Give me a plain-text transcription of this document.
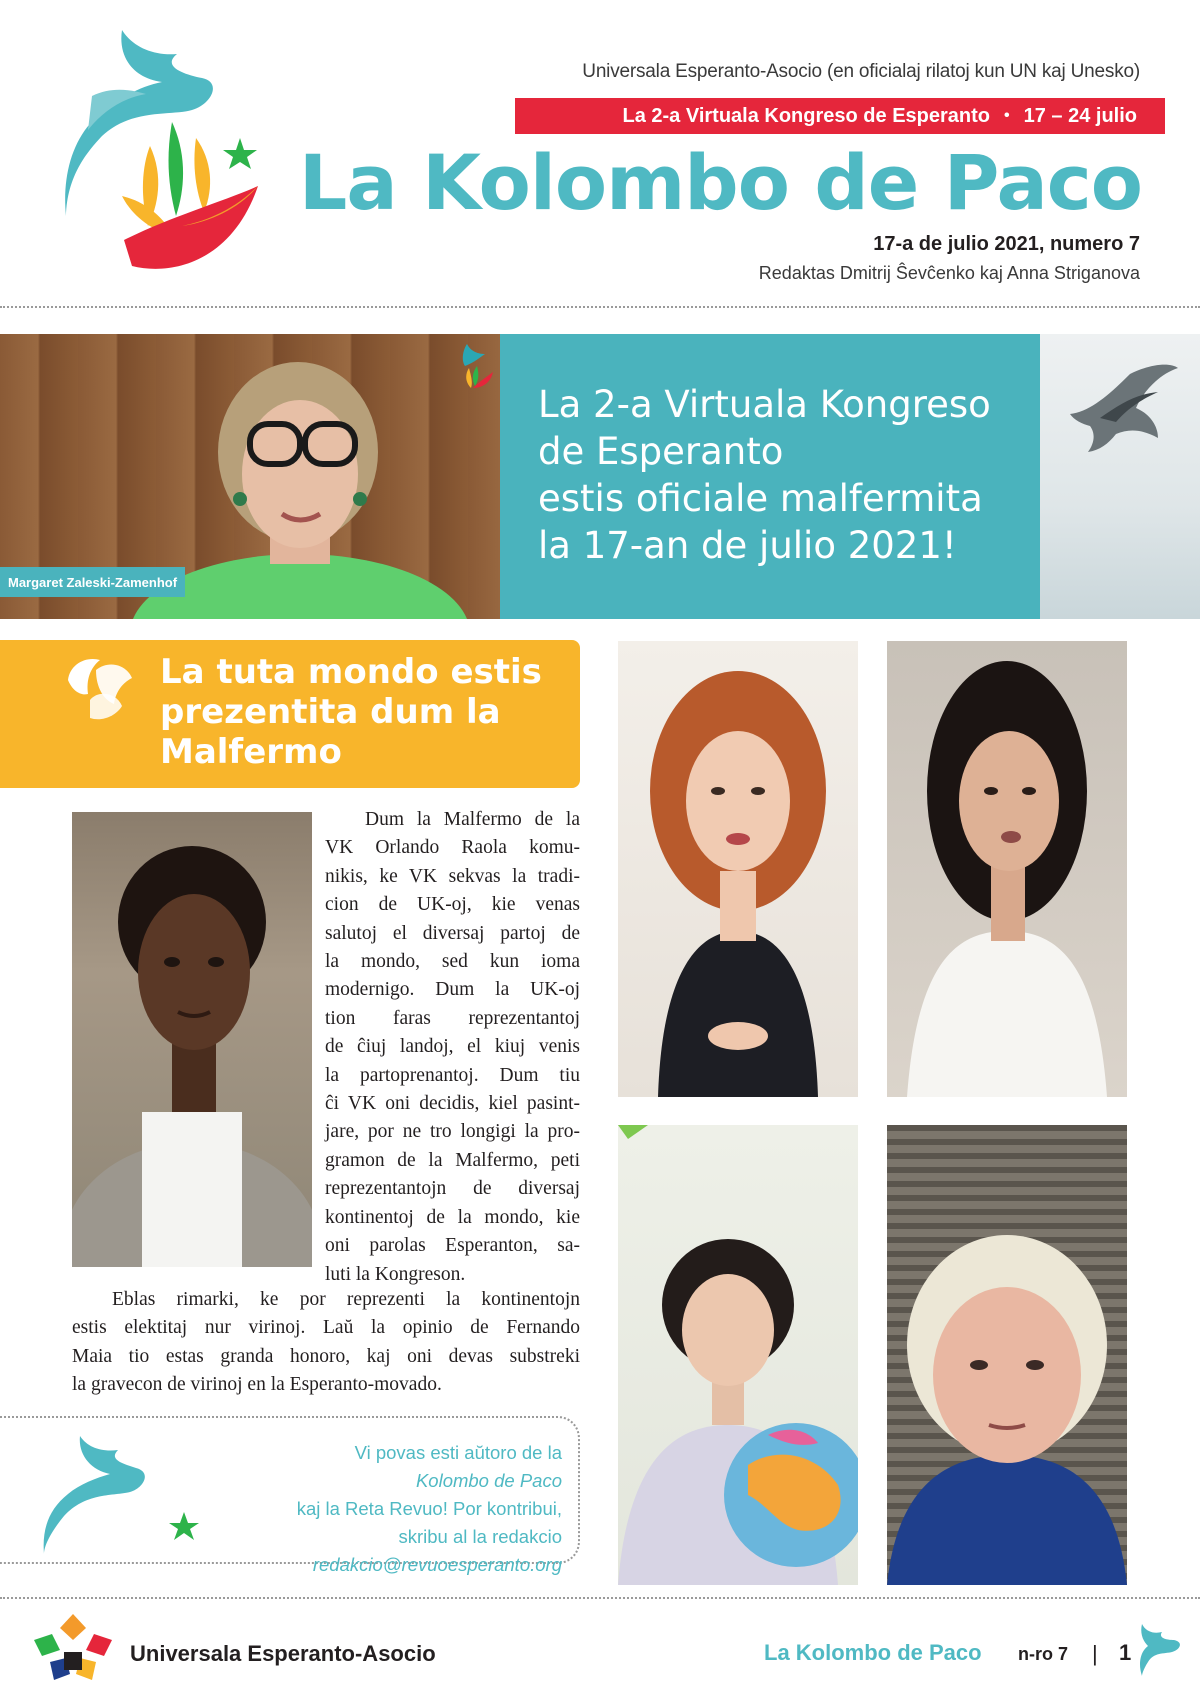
Universala Esperanto-Asocio (en oficialaj rilatoj kun UN kaj Unesko)
La 2-a Virtuala Kongreso de Esperanto • 17 – 24 julio
La Kolombo de Paco
17-a de julio 2021, numero 7
Redaktas Dmitrij Ŝevĉenko kaj Anna Striganova
Margaret Zaleski-Zamenhof
La 2-a Virtuala Kongreso
de Esperanto
estis oficiale malfermita
la 17-an de julio 2021!
La tuta mondo estis
prezentita dum la
Malfermo
Dum la Malfermo de la
VK Orlando Raola komu-
nikis, ke VK sekvas la tradi-
cion de UK-oj, kie venas
salutoj el diversaj partoj de
la mondo, sed kun ioma
modernigo. Dum la UK-oj
tion faras reprezentantoj
de ĉiuj landoj, el kiuj venis
la partoprenantoj. Dum tiu
ĉi VK oni decidis, kiel pasint-
jare, por ne tro longigi la pro-
gramon de la Malfermo, peti
reprezentantojn de diversaj
kontinentoj de la mondo, kie
oni parolas Esperanton, sa-
luti la Kongreson.
Eblas rimarki, ke por reprezenti la kontinentojn
estis elektitaj nur virinoj. Laŭ la opinio de Fernando
Maia tio estas granda honoro, kaj oni devas substreki
la gravecon de virinoj en la Esperanto-movado.
Vi povas esti aŭtoro de la
Kolombo de Paco
kaj la Reta Revuo! Por kontribui,
skribu al la redakcio
redakcio@revuoesperanto.org
Universala Esperanto-Asocio	La Kolombo de Paco n-ro 7 | 1
